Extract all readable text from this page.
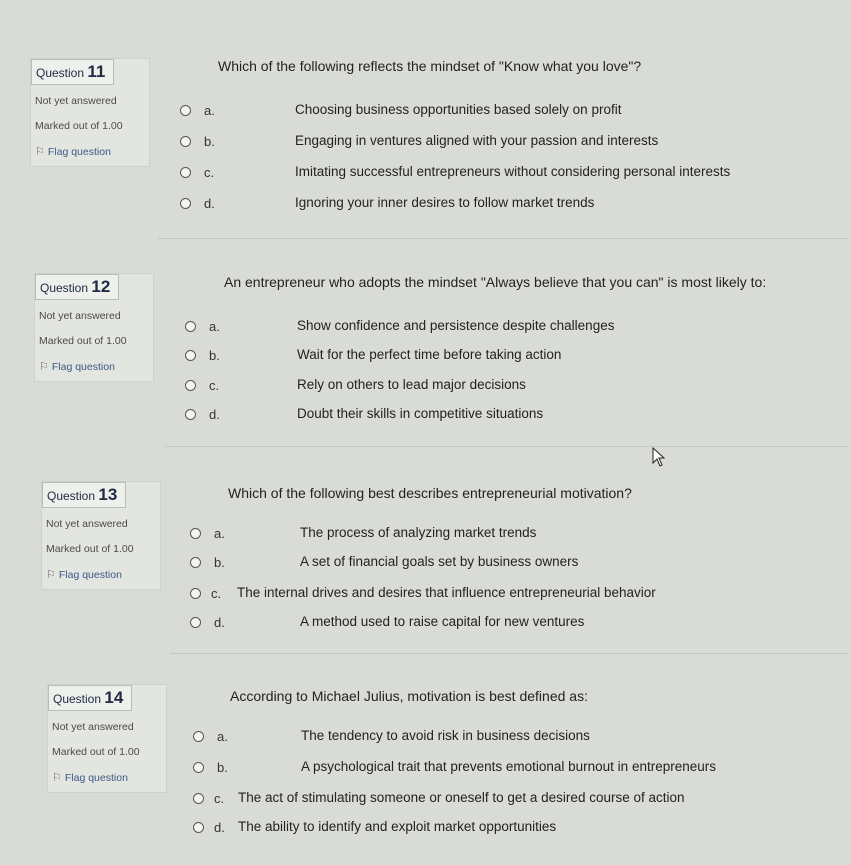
Question 11
Not yet answered
Marked out of 1.00
⚐ Flag question
Which of the following reflects the mindset of "Know what you love"?
a.	Choosing business opportunities based solely on profit
b.	Engaging in ventures aligned with your passion and interests
c.	Imitating successful entrepreneurs without considering personal interests
d.	Ignoring your inner desires to follow market trends
Question 12
Not yet answered
Marked out of 1.00
⚐ Flag question
An entrepreneur who adopts the mindset "Always believe that you can" is most likely to:
a.	Show confidence and persistence despite challenges
b.	Wait for the perfect time before taking action
c.	Rely on others to lead major decisions
d.	Doubt their skills in competitive situations
Question 13
Not yet answered
Marked out of 1.00
⚐ Flag question
Which of the following best describes entrepreneurial motivation?
a.	The process of analyzing market trends
b.	A set of financial goals set by business owners
c. The internal drives and desires that influence entrepreneurial behavior
d.	A method used to raise capital for new ventures
Question 14
Not yet answered
Marked out of 1.00
⚐ Flag question
According to Michael Julius, motivation is best defined as:
a.	The tendency to avoid risk in business decisions
b.	A psychological trait that prevents emotional burnout in entrepreneurs
c. The act of stimulating someone or oneself to get a desired course of action
d. The ability to identify and exploit market opportunities
